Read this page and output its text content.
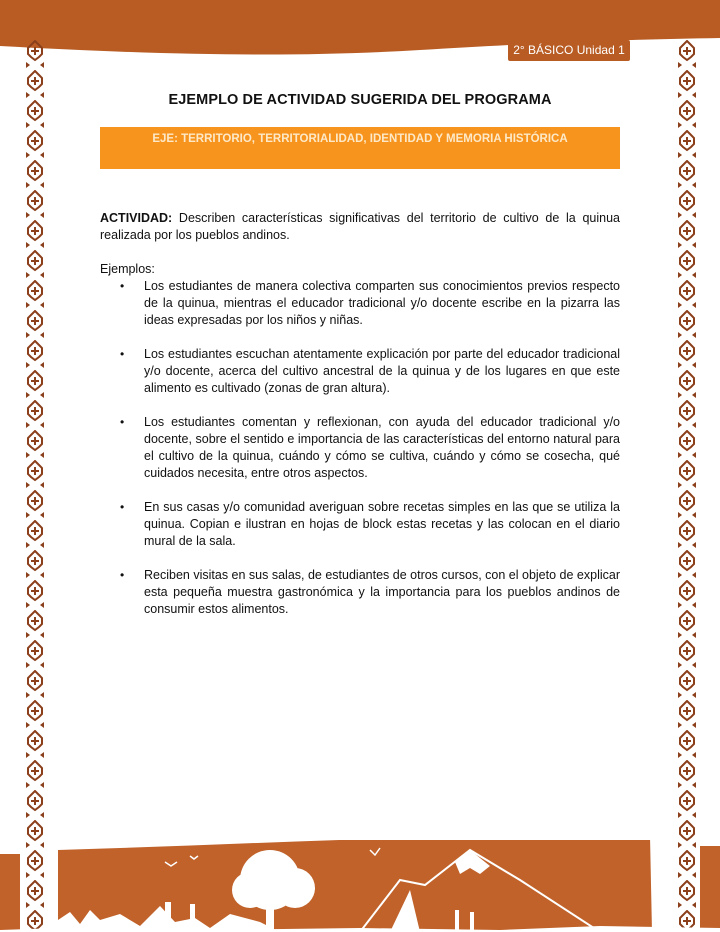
2° BÁSICO Unidad 1
EJEMPLO DE ACTIVIDAD SUGERIDA DEL PROGRAMA
EJE: TERRITORIO, TERRITORIALIDAD, IDENTIDAD Y MEMORIA HISTÓRICA

ACTIVIDAD: Describen características significativas del territorio de cultivo de la quinua realizada por los pueblos andinos.

Ejemplos:

• Los estudiantes de manera colectiva comparten sus conocimientos previos respecto de la quinua, mientras el educador tradicional y/o docente escribe en la pizarra las ideas expresadas por los niños y niñas.
• Los estudiantes escuchan atentamente explicación por parte del educador tradicional y/o docente, acerca del cultivo ancestral de la quinua y de los lugares en que este alimento es cultivado (zonas de gran altura).
• Los estudiantes comentan y reflexionan, con ayuda del educador tradicional y/o docente, sobre el sentido e importancia de las características del entorno natural para el cultivo de la quinua, cuándo y cómo se cultiva, cuándo y cómo se cosecha, qué cuidados necesita, entre otros aspectos.
• En sus casas y/o comunidad averiguan sobre recetas simples en las que se utiliza la quinua. Copian e ilustran en hojas de block estas recetas y las colocan en el diario mural de la sala.
• Reciben visitas en sus salas, de estudiantes de otros cursos, con el objeto de explicar esta pequeña muestra gastronómica y la importancia para los pueblos andinos de consumir estos alimentos.
